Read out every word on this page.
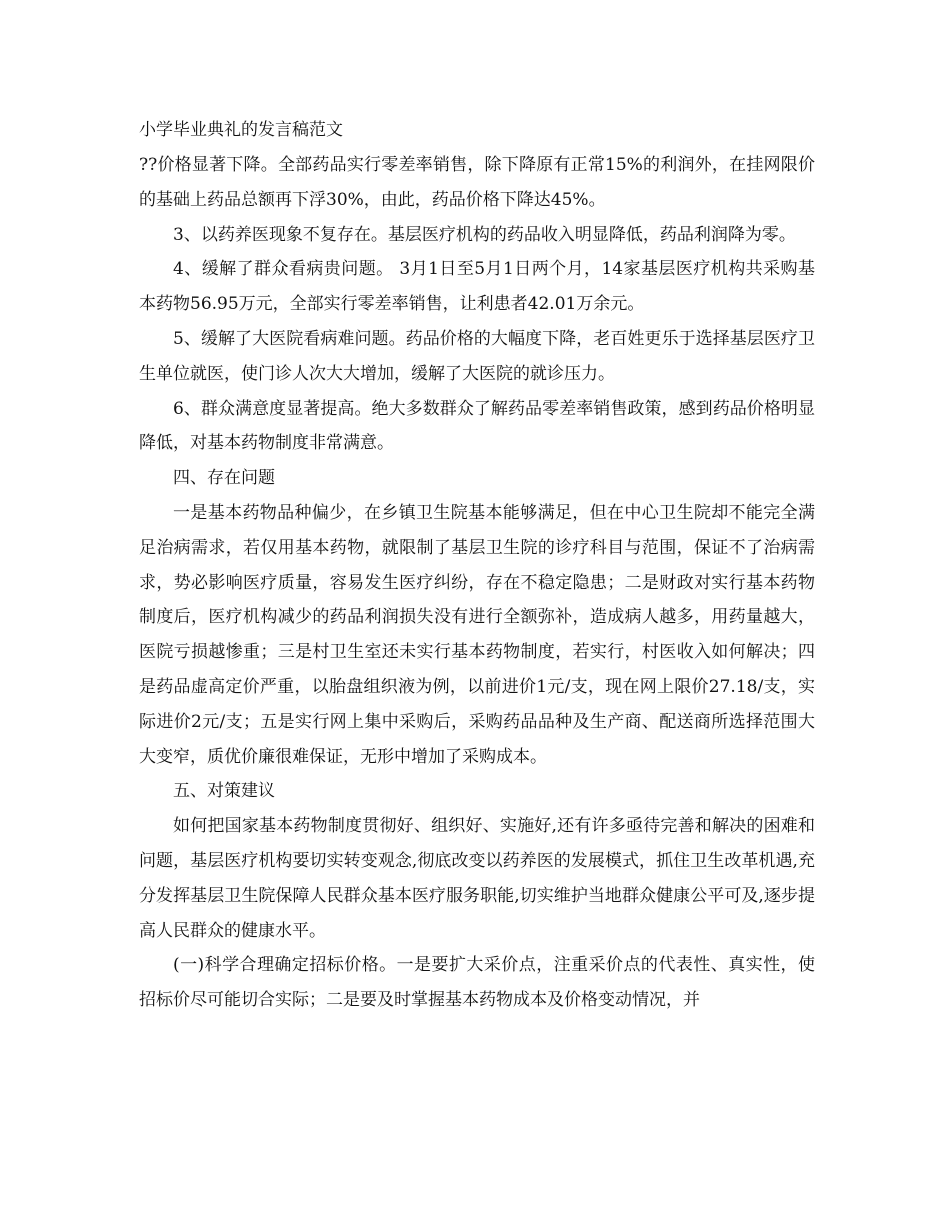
小学毕业典礼的发言稿范文

??价格显著下降。全部药品实行零差率销售，除下降原有正常15%的利润外，在挂网限价的基础上药品总额再下浮30%，由此，药品价格下降达45%。

3、以药养医现象不复存在。基层医疗机构的药品收入明显降低，药品利润降为零。

4、缓解了群众看病贵问题。 3月1日至5月1日两个月，14家基层医疗机构共采购基本药物56.95万元，全部实行零差率销售，让利患者42.01万余元。

5、缓解了大医院看病难问题。药品价格的大幅度下降，老百姓更乐于选择基层医疗卫生单位就医，使门诊人次大大增加，缓解了大医院的就诊压力。

6、群众满意度显著提高。绝大多数群众了解药品零差率销售政策，感到药品价格明显降低，对基本药物制度非常满意。

四、存在问题

一是基本药物品种偏少，在乡镇卫生院基本能够满足，但在中心卫生院却不能完全满足治病需求，若仅用基本药物，就限制了基层卫生院的诊疗科目与范围，保证不了治病需求，势必影响医疗质量，容易发生医疗纠纷，存在不稳定隐患；二是财政对实行基本药物制度后，医疗机构减少的药品利润损失没有进行全额弥补，造成病人越多，用药量越大，医院亏损越惨重；三是村卫生室还未实行基本药物制度，若实行，村医收入如何解决；四是药品虚高定价严重，以胎盘组织液为例，以前进价1元/支，现在网上限价27.18/支，实际进价2元/支；五是实行网上集中采购后，采购药品品种及生产商、配送商所选择范围大大变窄，质优价廉很难保证，无形中增加了采购成本。

五、对策建议

如何把国家基本药物制度贯彻好、组织好、实施好,还有许多亟待完善和解决的困难和问题，基层医疗机构要切实转变观念,彻底改变以药养医的发展模式，抓住卫生改革机遇,充分发挥基层卫生院保障人民群众基本医疗服务职能,切实维护当地群众健康公平可及,逐步提高人民群众的健康水平。

(一)科学合理确定招标价格。一是要扩大采价点，注重采价点的代表性、真实性，使招标价尽可能切合实际；二是要及时掌握基本药物成本及价格变动情况，并
